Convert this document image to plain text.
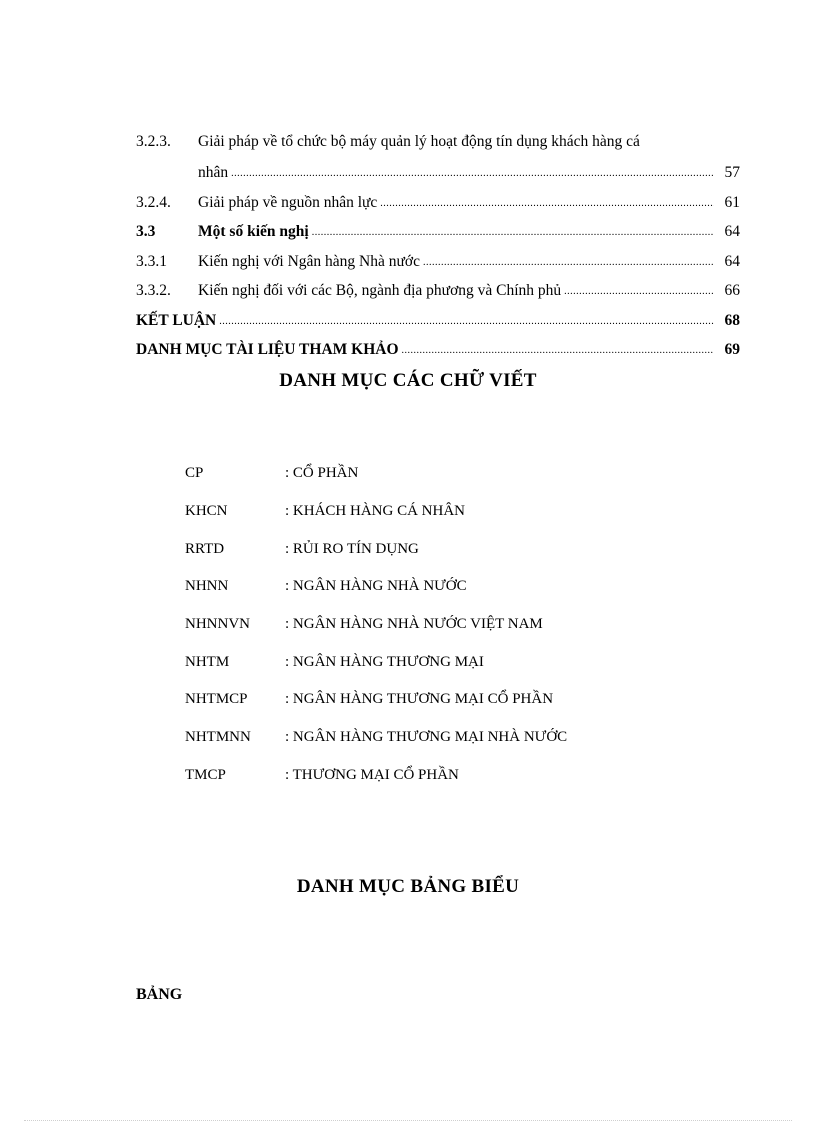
3.2.3.	Giải pháp về tổ chức bộ máy quản lý hoạt động tín dụng khách hàng cá
nhân .....	57
3.2.4.	Giải pháp về nguồn nhân lực .....	61
3.3	Một số kiến nghị .....	64
3.3.1	Kiến nghị với Ngân hàng Nhà nước .....	64
3.3.2.	Kiến nghị đối với các Bộ, ngành địa phương và Chính phủ .....	66
KẾT LUẬN .....	68
DANH MỤC TÀI LIỆU THAM KHẢO .....	69
DANH MỤC CÁC CHỮ VIẾT
CP	: CỔ PHẦN
KHCN	: KHÁCH HÀNG CÁ NHÂN
RRTD	: RỦI RO TÍN DỤNG
NHNN	: NGÂN HÀNG NHÀ NƯỚC
NHNNVN	: NGÂN HÀNG NHÀ NƯỚC VIỆT NAM
NHTM	: NGÂN HÀNG THƯƠNG MẠI
NHTMCP	: NGÂN HÀNG THƯƠNG MẠI CỔ PHẦN
NHTMNN	: NGÂN HÀNG THƯƠNG MẠI NHÀ NƯỚC
TMCP	: THƯƠNG MẠI CỔ PHẦN
DANH MỤC BẢNG BIỂU
BẢNG
